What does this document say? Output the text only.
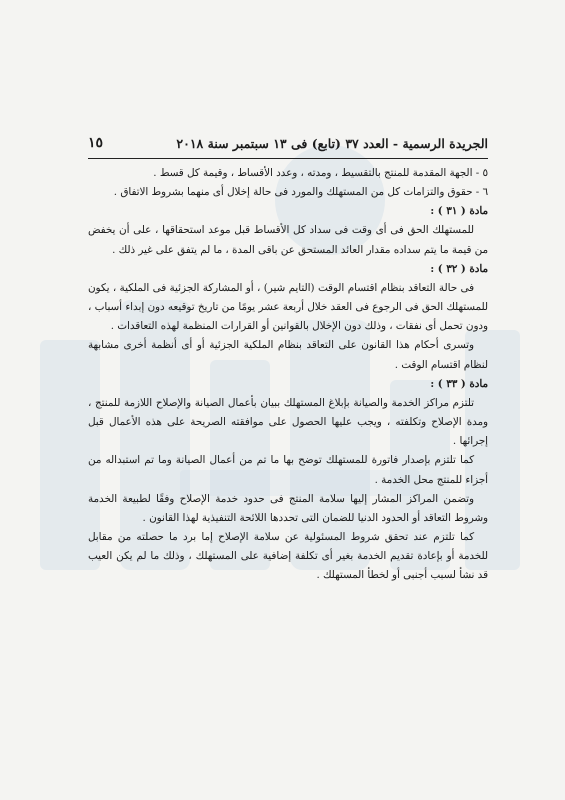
الجريدة الرسمية - العدد ٣٧ (تابع) فى ١٣ سبتمبر سنة ٢٠١٨
١٥

٥ - الجهة المقدمة للمنتج بالتقسيط ، ومدته ، وعدد الأقساط ، وقيمة كل قسط .

٦ - حقوق والتزامات كل من المستهلك والمورد فى حالة إخلال أى منهما بشروط الاتفاق .

مادة ( ٣١ ) :

للمستهلك الحق فى أى وقت فى سداد كل الأقساط قبل موعد استحقاقها ، على أن يخفض من قيمة ما يتم سداده مقدار العائد المستحق عن باقى المدة ، ما لم يتفق على غير ذلك .

مادة ( ٣٢ ) :

فى حالة التعاقد بنظام اقتسام الوقت (التايم شير) ، أو المشاركة الجزئية فى الملكية ، يكون للمستهلك الحق فى الرجوع فى العقد خلال أربعة عشر يومًا من تاريخ توقيعه دون إبداء أسباب ، ودون تحمل أى نفقات ، وذلك دون الإخلال بالقوانين أو القرارات المنظمة لهذه التعاقدات .

وتسرى أحكام هذا القانون على التعاقد بنظام الملكية الجزئية أو أى أنظمة أخرى مشابهة لنظام اقتسام الوقت .

مادة ( ٣٣ ) :

تلتزم مراكز الخدمة والصيانة بإبلاغ المستهلك ببيان بأعمال الصيانة والإصلاح اللازمة للمنتج ، ومدة الإصلاح وتكلفته ، ويجب عليها الحصول على موافقته الصريحة على هذه الأعمال قبل إجرائها .

كما تلتزم بإصدار فاتورة للمستهلك توضح بها ما تم من أعمال الصيانة وما تم استبداله من أجزاء للمنتج محل الخدمة .

وتضمن المراكز المشار إليها سلامة المنتج فى حدود خدمة الإصلاح وفقًا لطبيعة الخدمة وشروط التعاقد أو الحدود الدنيا للضمان التى تحددها اللائحة التنفيذية لهذا القانون .

كما تلتزم عند تحقق شروط المسئولية عن سلامة الإصلاح إما برد ما حصلته من مقابل للخدمة أو بإعادة تقديم الخدمة بغير أى تكلفة إضافية على المستهلك ، وذلك ما لم يكن العيب قد نشأ لسبب أجنبى أو لخطأ المستهلك .
